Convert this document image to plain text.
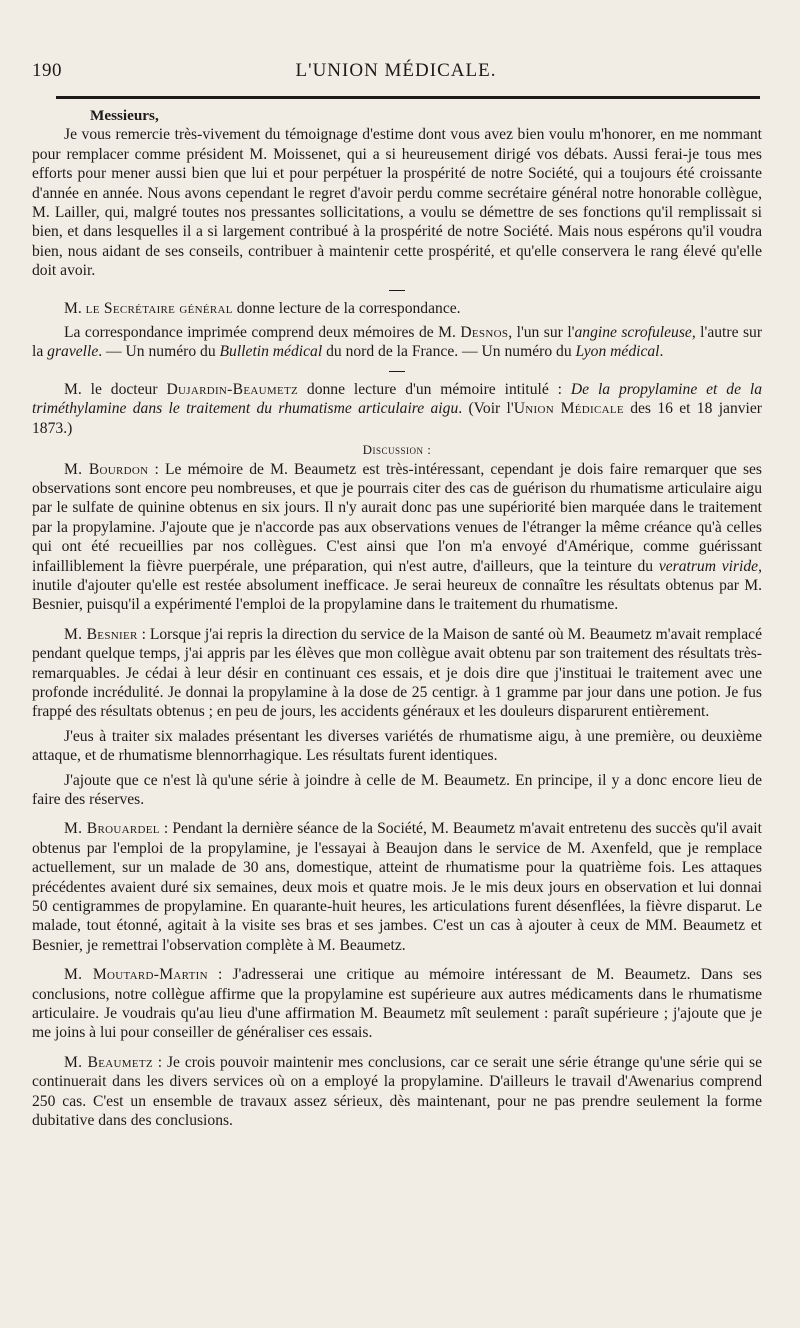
190	L'UNION MÉDICALE.

Messieurs,

Je vous remercie très-vivement du témoignage d'estime dont vous avez bien voulu m'honorer, en me nommant pour remplacer comme président M. Moissenet, qui a si heureusement dirigé vos débats. Aussi ferai-je tous mes efforts pour mener aussi bien que lui et pour perpétuer la prospérité de notre Société, qui a toujours été croissante d'année en année. Nous avons cependant le regret d'avoir perdu comme secrétaire général notre honorable collègue, M. Lailler, qui, malgré toutes nos pressantes sollicitations, a voulu se démettre de ses fonctions qu'il remplissait si bien, et dans lesquelles il a si largement contribué à la prospérité de notre Société. Mais nous espérons qu'il voudra bien, nous aidant de ses conseils, contribuer à maintenir cette prospérité, et qu'elle conservera le rang élevé qu'elle doit avoir.

M. le Secrétaire général donne lecture de la correspondance.

La correspondance imprimée comprend deux mémoires de M. Desnos, l'un sur l'angine scrofuleuse, l'autre sur la gravelle. — Un numéro du Bulletin médical du nord de la France. — Un numéro du Lyon médical.

M. le docteur Dujardin-Beaumetz donne lecture d'un mémoire intitulé : De la propylamine et de la triméthylamine dans le traitement du rhumatisme articulaire aigu. (Voir l'Union Médicale des 16 et 18 janvier 1873.)

Discussion :

M. Bourdon : Le mémoire de M. Beaumetz est très-intéressant, cependant je dois faire remarquer que ses observations sont encore peu nombreuses, et que je pourrais citer des cas de guérison du rhumatisme articulaire aigu par le sulfate de quinine obtenus en six jours. Il n'y aurait donc pas une supériorité bien marquée dans le traitement par la propylamine. J'ajoute que je n'accorde pas aux observations venues de l'étranger la même créance qu'à celles qui ont été recueillies par nos collègues. C'est ainsi que l'on m'a envoyé d'Amérique, comme guérissant infailliblement la fièvre puerpérale, une préparation, qui n'est autre, d'ailleurs, que la teinture du veratrum viride, inutile d'ajouter qu'elle est restée absolument inefficace. Je serai heureux de connaître les résultats obtenus par M. Besnier, puisqu'il a expérimenté l'emploi de la propylamine dans le traitement du rhumatisme.

M. Besnier : Lorsque j'ai repris la direction du service de la Maison de santé où M. Beaumetz m'avait remplacé pendant quelque temps, j'ai appris par les élèves que mon collègue avait obtenu par son traitement des résultats très-remarquables. Je cédai à leur désir en continuant ces essais, et je dois dire que j'instituai le traitement avec une profonde incrédulité. Je donnai la propylamine à la dose de 25 centigr. à 1 gramme par jour dans une potion. Je fus frappé des résultats obtenus ; en peu de jours, les accidents généraux et les douleurs disparurent entièrement.

J'eus à traiter six malades présentant les diverses variétés de rhumatisme aigu, à une première, ou deuxième attaque, et de rhumatisme blennorrhagique. Les résultats furent identiques.

J'ajoute que ce n'est là qu'une série à joindre à celle de M. Beaumetz. En principe, il y a donc encore lieu de faire des réserves.

M. Brouardel : Pendant la dernière séance de la Société, M. Beaumetz m'avait entretenu des succès qu'il avait obtenus par l'emploi de la propylamine, je l'essayai à Beaujon dans le service de M. Axenfeld, que je remplace actuellement, sur un malade de 30 ans, domestique, atteint de rhumatisme pour la quatrième fois. Les attaques précédentes avaient duré six semaines, deux mois et quatre mois. Je le mis deux jours en observation et lui donnai 50 centigrammes de propylamine. En quarante-huit heures, les articulations furent désenflées, la fièvre disparut. Le malade, tout étonné, agitait à la visite ses bras et ses jambes. C'est un cas à ajouter à ceux de MM. Beaumetz et Besnier, je remettrai l'observation complète à M. Beaumetz.

M. Moutard-Martin : J'adresserai une critique au mémoire intéressant de M. Beaumetz. Dans ses conclusions, notre collègue affirme que la propylamine est supérieure aux autres médicaments dans le rhumatisme articulaire. Je voudrais qu'au lieu d'une affirmation M. Beaumetz mît seulement : paraît supérieure ; j'ajoute que je me joins à lui pour conseiller de généraliser ces essais.

M. Beaumetz : Je crois pouvoir maintenir mes conclusions, car ce serait une série étrange qu'une série qui se continuerait dans les divers services où on a employé la propylamine. D'ailleurs le travail d'Awenarius comprend 250 cas. C'est un ensemble de travaux assez sérieux, dès maintenant, pour ne pas prendre seulement la forme dubitative dans des conclusions.
